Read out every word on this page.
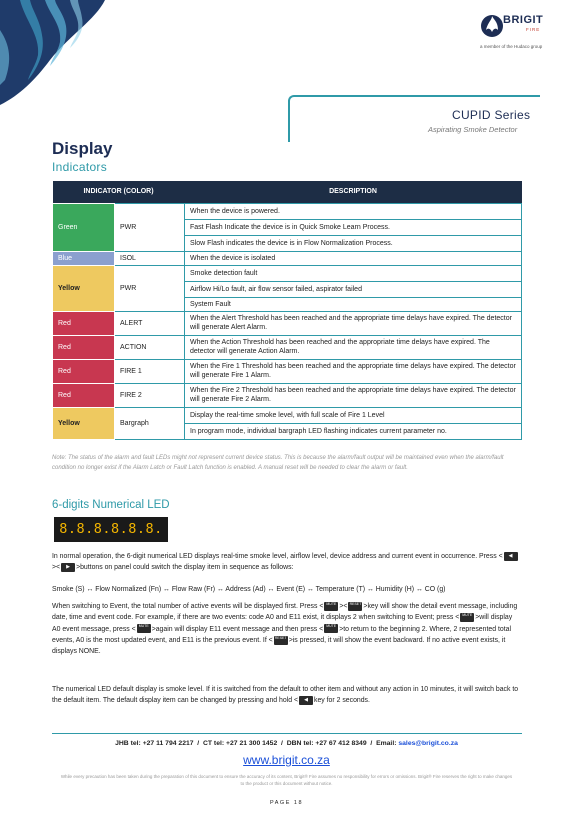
BRIGIT
FIRE
a member of the Hudaco group
CUPID Series
Aspirating Smoke Detector
Display
Indicators
INDICATOR (COLOR)		DESCRIPTION
Green	PWR	When the device is powered.
		Fast Flash Indicate the device is in Quick Smoke Learn Process.
		Slow Flash indicates the device is in Flow Normalization Process.
Blue	ISOL	When the device is isolated
Yellow	PWR	Smoke detection fault
		Airflow Hi/Lo fault, air flow sensor failed, aspirator failed
		System Fault
Red	ALERT	When the Alert Threshold has been reached and the appropriate time delays have expired. The detector will generate Alert Alarm.
Red	ACTION	When the Action Threshold has been reached and the appropriate time delays have expired. The detector will generate Action Alarm.
Red	FIRE 1	When the Fire 1 Threshold has been reached and the appropriate time delays have expired. The detector will generate Fire 1 Alarm.
Red	FIRE 2	When the Fire 2 Threshold has been reached and the appropriate time delays have expired. The detector will generate Fire 2 Alarm.
Yellow	Bargraph	Display the real-time smoke level, with full scale of Fire 1 Level
		In program mode, individual bargraph LED flashing indicates current parameter no.
Note: The status of the alarm and fault LEDs might not represent current device status. This is because the alarm/fault output will be maintained even when the alarm/fault condition no longer exist if the Alarm Latch or Fault Latch function is enabled. A manual reset will be needed to clear the alarm or fault.
6-digits Numerical LED
8.8.8.8.8.8.
In normal operation, the 6-digit numerical LED displays real-time smoke level, airflow level, device address and current event in occurrence. Press < ◀>< ▶ >buttons on panel could switch the display item in sequence as follows:
Smoke (S) ↔ Flow Normalized (Fn) ↔ Flow Raw (Fr) ↔ Address (Ad) ↔ Event (E) ↔ Temperature (T) ↔ Humidity (H) ↔ CO (g)
When switching to Event, the total number of active events will be displayed first. Press < MUTE >< RESET >key will show the detail event message, including date, time and event code. For example, if there are two events: code A0 and E11 exist, it displays 2 when switching to Event; press < MUTE >will display A0 event message, press < MUTE >again will display E11 event message and then press < MUTE >to return to the beginning 2. Where, 2 represented total events, A0 is the most updated event, and E11 is the previous event. If < RESET >is pressed, it will show the event backward. If no active event exists, it displays NONE.
The numerical LED default display is smoke level. If it is switched from the default to other item and without any action in 10 minutes, it will switch back to the default item. The default display item can be changed by pressing and hold < ◀ key for 2 seconds.
JHB tel: +27 11 794 2217  /  CT tel: +27 21 300 1452  /  DBN tel: +27 67 412 8349  /  Email: sales@brigit.co.za
www.brigit.co.za
While every precaution has been taken during the preparation of this document to ensure the accuracy of its content, Brigit® Fire assumes no responsibility for errors or omissions. Brigit® Fire reserves the right to make changes to the product or this document without notice.
PAGE 18
